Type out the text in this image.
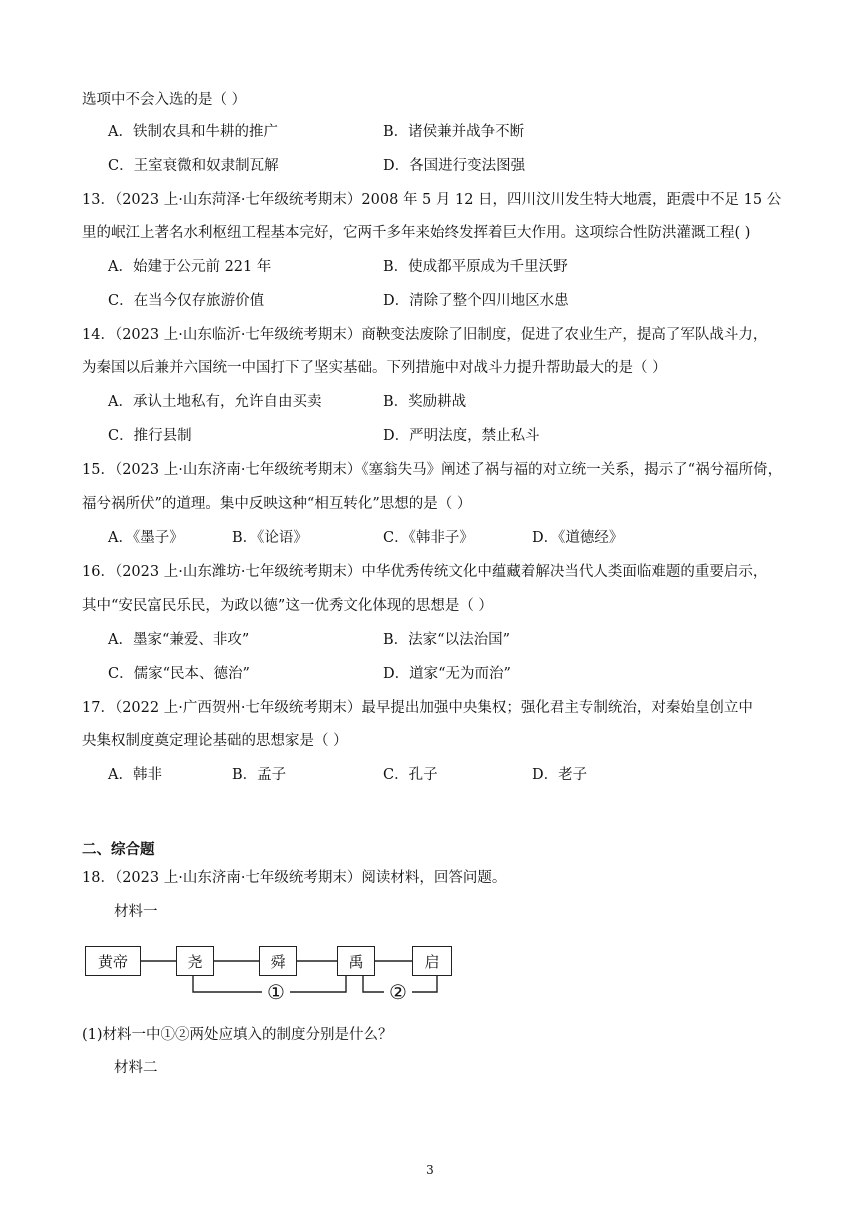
选项中不会入选的是（ ）
A．铁制农具和牛耕的推广	B．诸侯兼并战争不断
C．王室衰微和奴隶制瓦解	D．各国进行变法图强
13．（2023 上·山东菏泽·七年级统考期末）2008 年 5 月 12 日，四川汶川发生特大地震，距震中不足 15 公
里的岷江上著名水利枢纽工程基本完好，它两千多年来始终发挥着巨大作用。这项综合性防洪灌溉工程( )
A．始建于公元前 221 年	B．使成都平原成为千里沃野
C．在当今仅存旅游价值	D．清除了整个四川地区水患
14．（2023 上·山东临沂·七年级统考期末）商鞅变法废除了旧制度，促进了农业生产，提高了军队战斗力，
为秦国以后兼并六国统一中国打下了坚实基础。下列措施中对战斗力提升帮助最大的是（ ）
A．承认土地私有，允许自由买卖	B．奖励耕战
C．推行县制	D．严明法度，禁止私斗
15．（2023 上·山东济南·七年级统考期末）《塞翁失马》阐述了祸与福的对立统一关系，揭示了“祸兮福所倚，
福兮祸所伏”的道理。集中反映这种“相互转化”思想的是（ ）
A．《墨子》	B．《论语》	C．《韩非子》	D．《道德经》
16．（2023 上·山东潍坊·七年级统考期末）中华优秀传统文化中蕴藏着解决当代人类面临难题的重要启示，
其中“安民富民乐民，为政以德”这一优秀文化体现的思想是（ ）
A．墨家“兼爱、非攻”	B．法家“以法治国”
C．儒家“民本、德治”	D．道家“无为而治”
17．（2022 上·广西贺州·七年级统考期末）最早提出加强中央集权；强化君主专制统治，对秦始皇创立中
央集权制度奠定理论基础的思想家是（ ）
A．韩非	B．孟子	C．孔子	D．老子
二、综合题
18．（2023 上·山东济南·七年级统考期末）阅读材料，回答问题。
材料一
黄帝	尧	舜	禹	启
①	②
(1)材料一中①②两处应填入的制度分别是什么？
材料二
3
